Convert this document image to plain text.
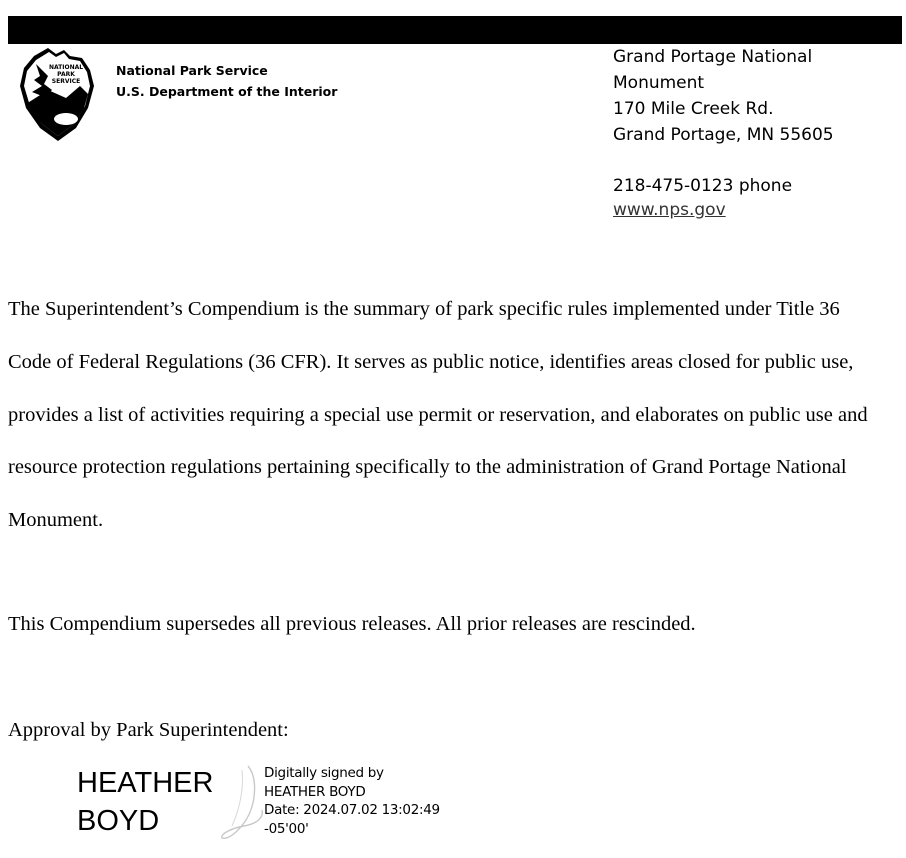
NATIONAL
PARK
SERVICE
National Park Service
U.S. Department of the Interior
Grand Portage National
Monument
170 Mile Creek Rd.
Grand Portage, MN 55605
218-475-0123 phone
www.nps.gov
The Superintendent’s Compendium is the summary of park specific rules implemented under Title 36 Code of Federal Regulations (36 CFR). It serves as public notice, identifies areas closed for public use, provides a list of activities requiring a special use permit or reservation, and elaborates on public use and resource protection regulations pertaining specifically to the administration of Grand Portage National Monument.
This Compendium supersedes all previous releases. All prior releases are rescinded.
Approval by Park Superintendent:
HEATHER
BOYD
Digitally signed by
HEATHER BOYD
Date: 2024.07.02 13:02:49
-05'00'
